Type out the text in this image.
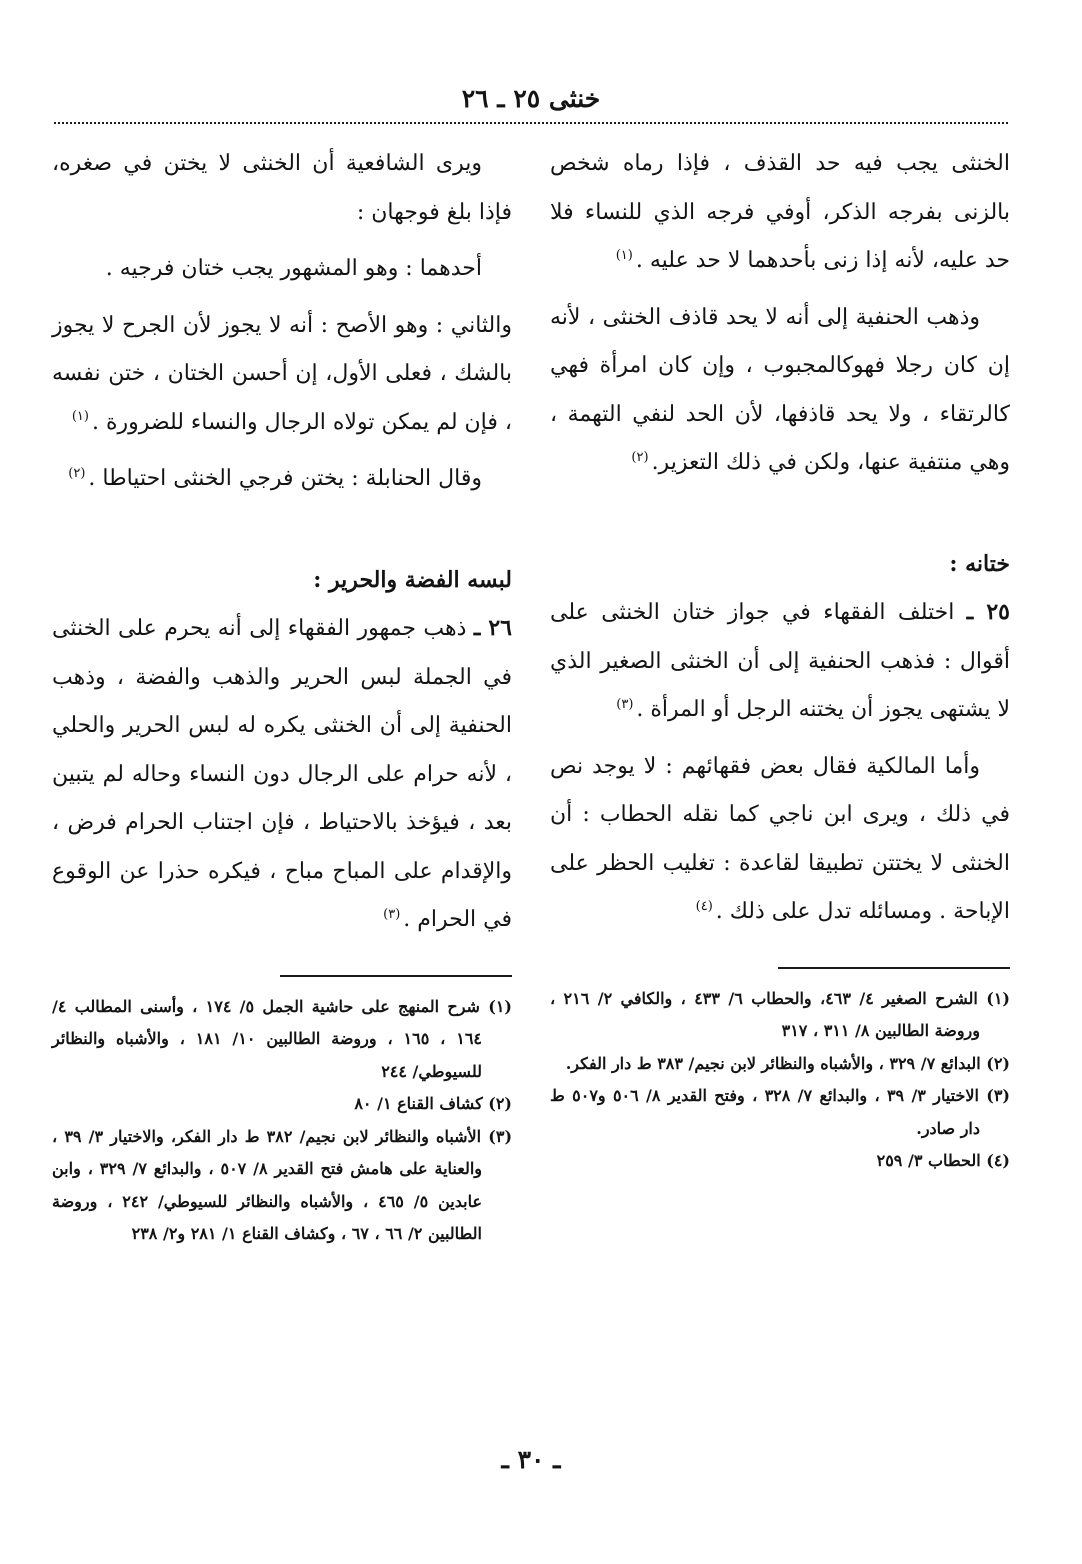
خنثى ٢٥ ـ ٢٦

الخنثى يجب فيه حد القذف ، فإذا رماه شخص بالزنى بفرجه الذكر، أوفي فرجه الذي للنساء فلا حد عليه، لأنه إذا زنى بأحدهما لا حد عليه .$^{(١)}$

وذهب الحنفية إلى أنه لا يحد قاذف الخنثى ، لأنه إن كان رجلا فهوكالمجبوب ، وإن كان امرأة فهي كالرتقاء ، ولا يحد قاذفها، لأن الحد لنفي التهمة ، وهي منتفية عنها، ولكن في ذلك التعزير.$^{(٢)}$

ختانه :

٢٥ ـ اختلف الفقهاء في جواز ختان الخنثى على أقوال : فذهب الحنفية إلى أن الخنثى الصغير الذي لا يشتهى يجوز أن يختنه الرجل أو المرأة .$^{(٣)}$

وأما المالكية فقال بعض فقهائهم : لا يوجد نص في ذلك ، ويرى ابن ناجي كما نقله الحطاب : أن الخنثى لا يختتن تطبيقا لقاعدة : تغليب الحظر على الإباحة . ومسائله تدل على ذلك .$^{(٤)}$

(١) الشرح الصغير ٤/ ٤٦٣، والحطاب ٦/ ٤٣٣ ، والكافي ٢/ ٢١٦ ، وروضة الطالبين ٨/ ٣١١ ، ٣١٧
(٢) البدائع ٧/ ٣٢٩ ، والأشباه والنظائر لابن نجيم/ ٣٨٣ ط دار الفكر.
(٣) الاختيار ٣/ ٣٩ ، والبدائع ٧/ ٣٢٨ ، وفتح القدير ٨/ ٥٠٦ و٥٠٧ ط دار صادر.
(٤) الحطاب ٣/ ٢٥٩

ويرى الشافعية أن الخنثى لا يختن في صغره، فإذا بلغ فوجهان :

أحدهما : وهو المشهور يجب ختان فرجيه .

والثاني : وهو الأصح : أنه لا يجوز لأن الجرح لا يجوز بالشك ، فعلى الأول، إن أحسن الختان ، ختن نفسه ، فإن لم يمكن تولاه الرجال والنساء للضرورة .$^{(١)}$

وقال الحنابلة : يختن فرجي الخنثى احتياطا .$^{(٢)}$

لبسه الفضة والحرير :

٢٦ ـ ذهب جمهور الفقهاء إلى أنه يحرم على الخنثى في الجملة لبس الحرير والذهب والفضة ، وذهب الحنفية إلى أن الخنثى يكره له لبس الحرير والحلي ، لأنه حرام على الرجال دون النساء وحاله لم يتبين بعد ، فيؤخذ بالاحتياط ، فإن اجتناب الحرام فرض ، والإقدام على المباح مباح ، فيكره حذرا عن الوقوع في الحرام .$^{(٣)}$

(١) شرح المنهج على حاشية الجمل ٥/ ١٧٤ ، وأسنى المطالب ٤/ ١٦٤ ، ١٦٥ ، وروضة الطالبين ١٠/ ١٨١ ، والأشباه والنظائر للسيوطي/ ٢٤٤
(٢) كشاف القناع ١/ ٨٠
(٣) الأشباه والنظائر لابن نجيم/ ٣٨٢ ط دار الفكر، والاختيار ٣/ ٣٩ ، والعناية على هامش فتح القدير ٨/ ٥٠٧ ، والبدائع ٧/ ٣٢٩ ، وابن عابدين ٥/ ٤٦٥ ، والأشباه والنظائر للسيوطي/ ٢٤٢ ، وروضة الطالبين ٢/ ٦٦ ، ٦٧ ، وكشاف القناع ١/ ٢٨١ و٢/ ٢٣٨
ـ ٣٠ ـ
